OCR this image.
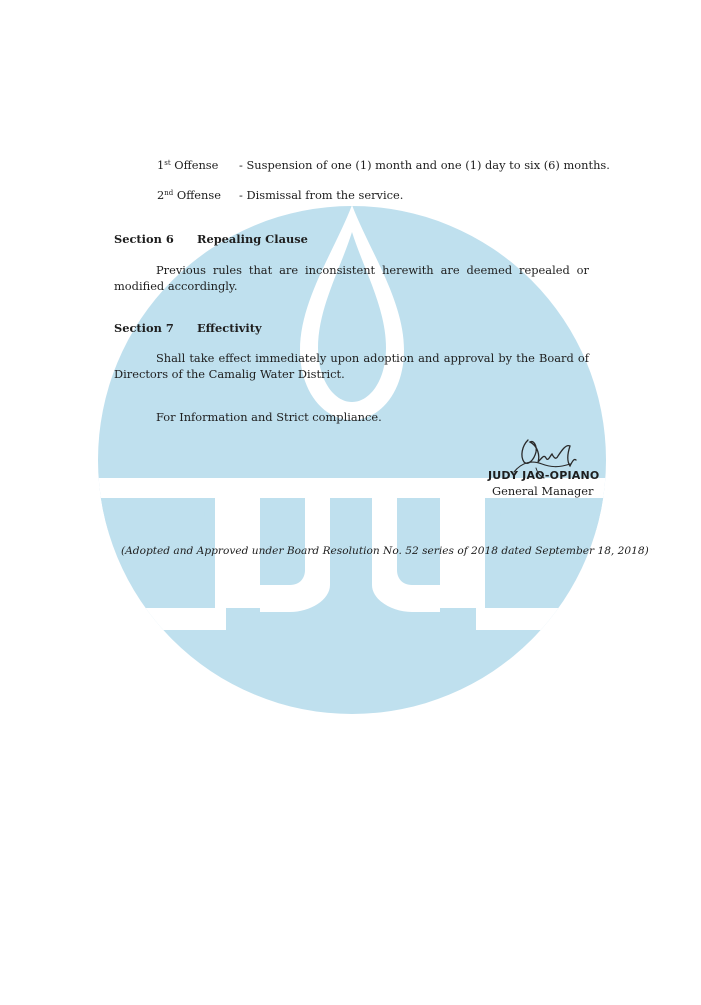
1st Offense - Suspension of one (1) month and one (1) day to six (6) months.
2nd Offense - Dismissal from the service.
Section 6 Repealing Clause
Previous rules that are inconsistent herewith are deemed repealed or modified accordingly.
Section 7 Effectivity
Shall take effect immediately upon adoption and approval by the Board of Directors of the Camalig Water District.
For Information and Strict compliance.
JUDY JAO-OPIANO
General Manager
(Adopted and Approved under Board Resolution No. 52 series of 2018 dated September 18, 2018)
